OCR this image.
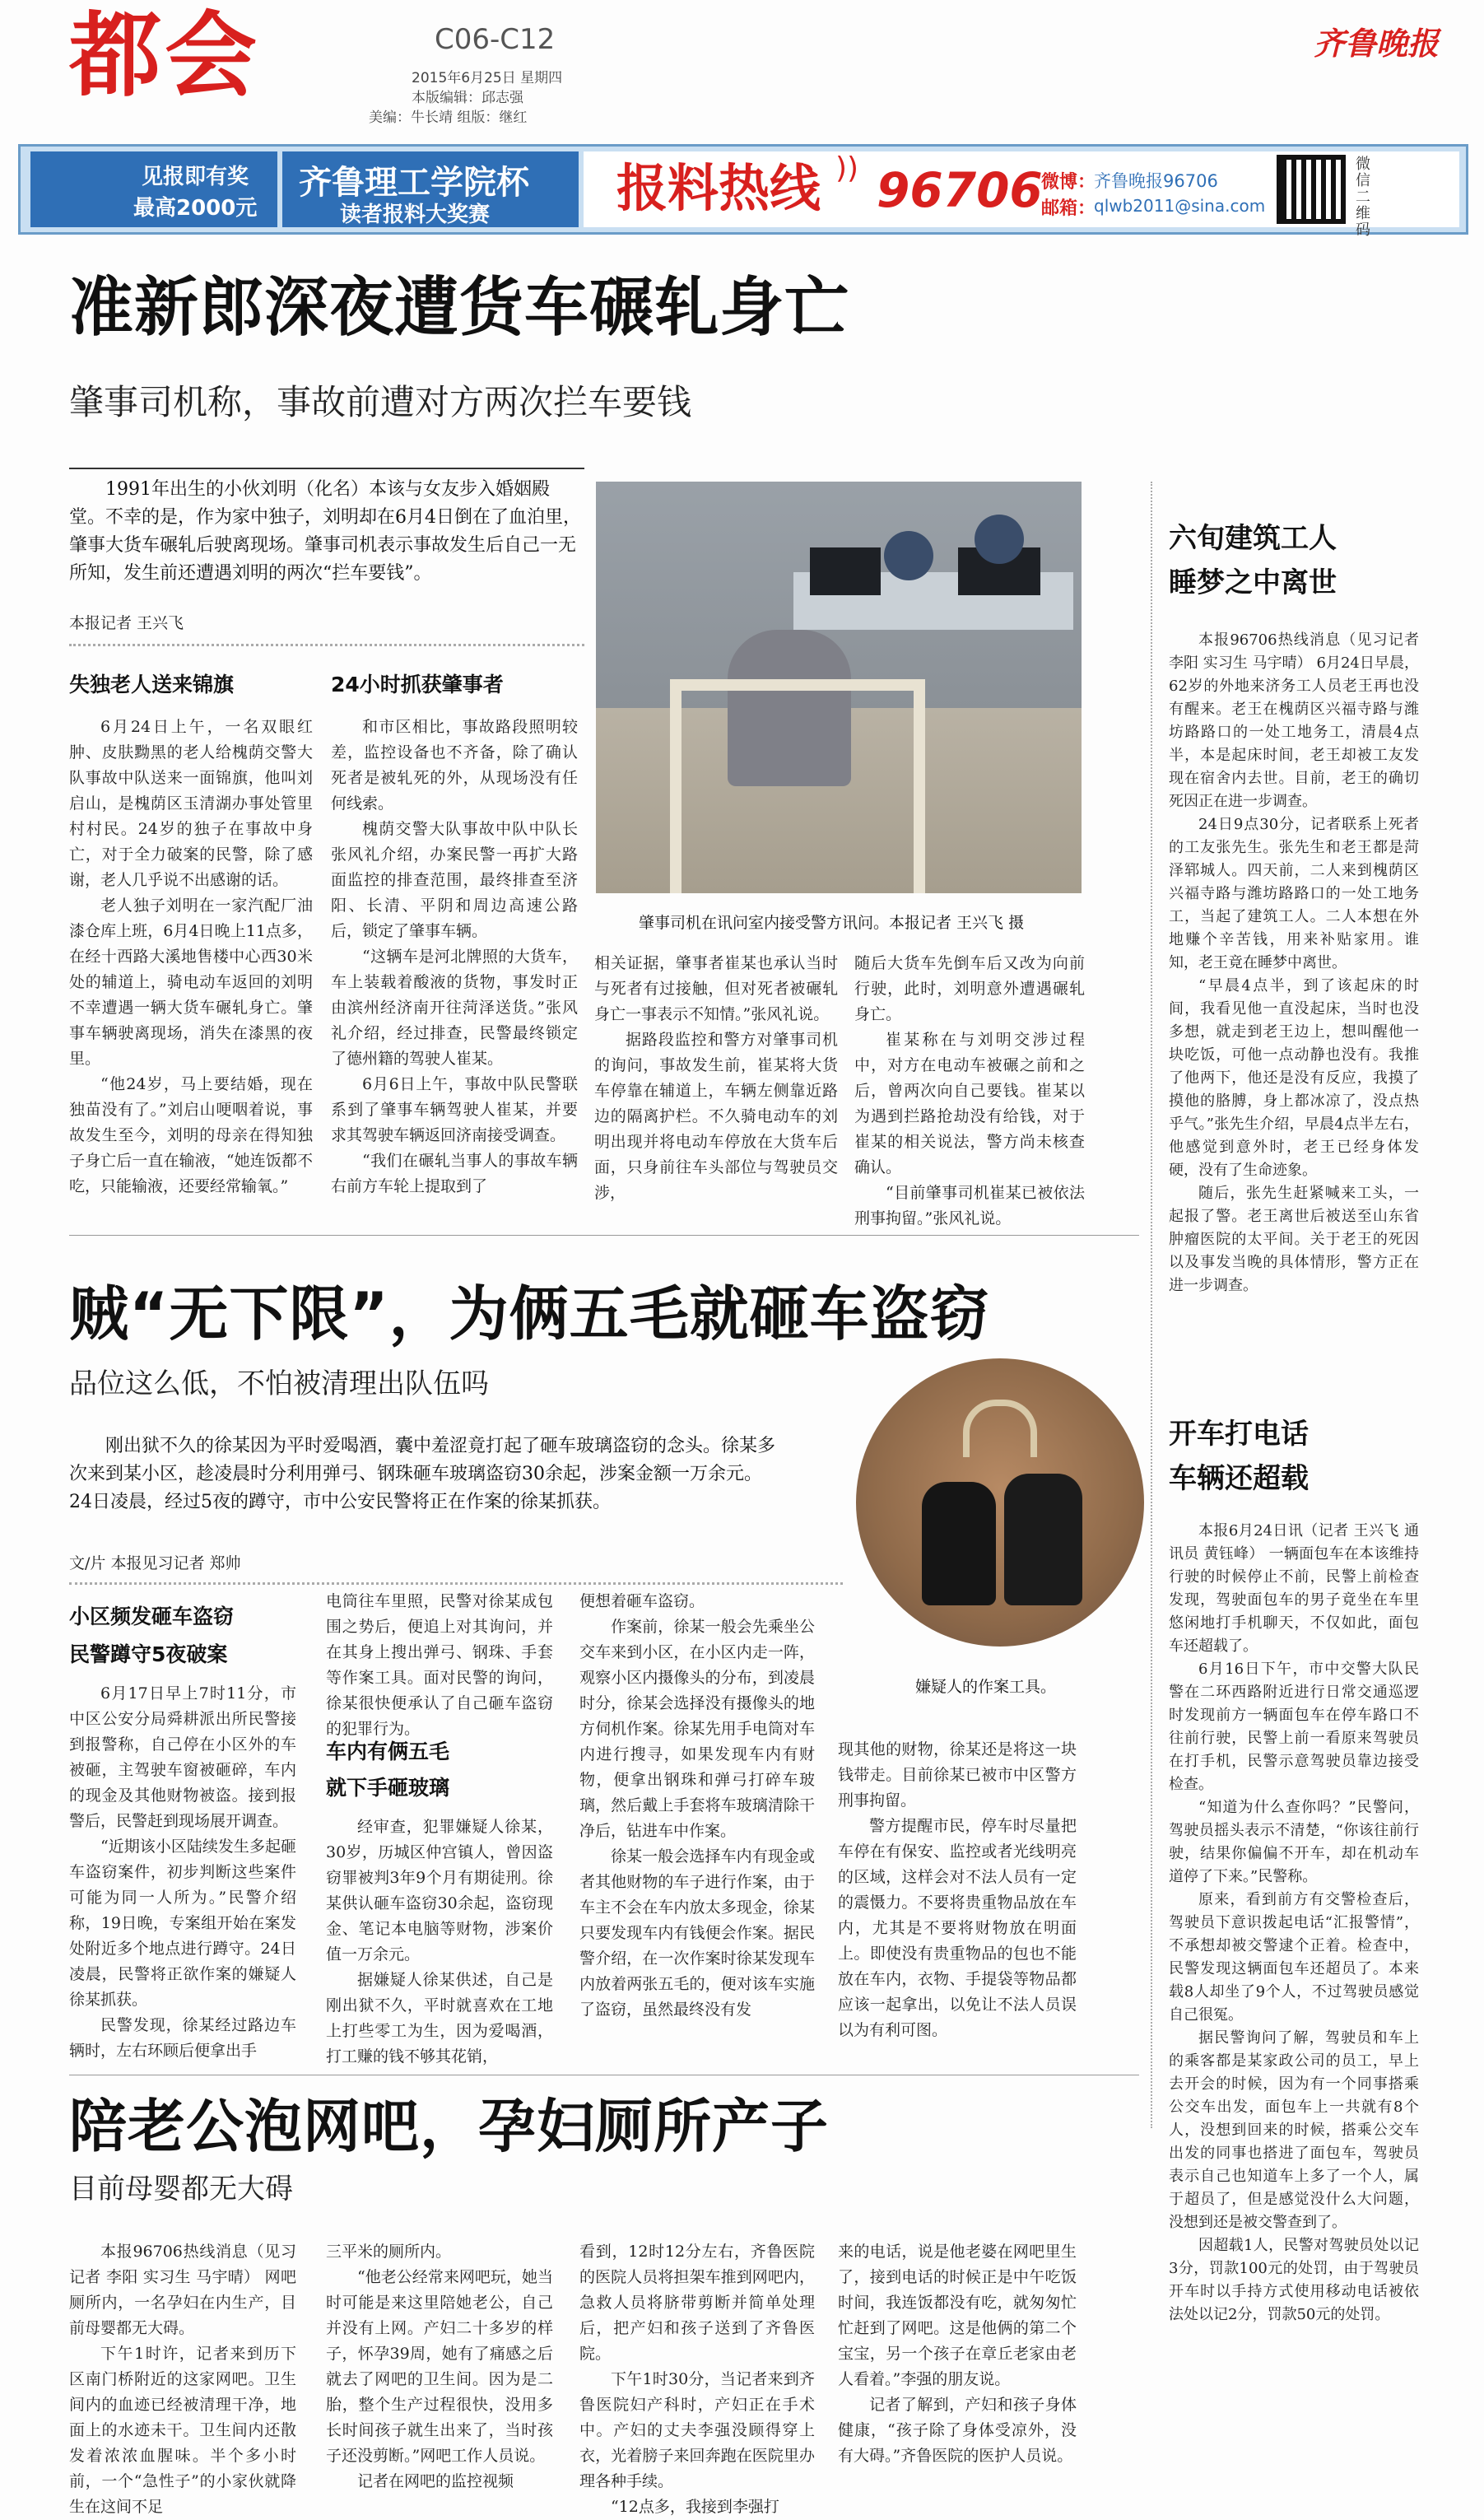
都会	C06-C12
2015年6月25日 星期四
本版编辑：邱志强
美编：牛长靖 组版：继红
齐鲁晚报
见报即有奖
最高2000元
齐鲁理工学院杯
读者报料大奖赛 报料热线 )) 96706
微博：
齐鲁晚报96706
邮箱：
qlwb2011@sina.com
微信二维码
准新郎深夜遭货车碾轧身亡
肇事司机称，事故前遭对方两次拦车要钱
1991年出生的小伙刘明（化名）本该与女友步入婚姻殿堂。不幸的是，作为家中独子，刘明却在6月4日倒在了血泊里，肇事大货车碾轧后驶离现场。肇事司机表示事故发生后自己一无所知，发生前还遭遇刘明的两次“拦车要钱”。
本报记者 王兴飞
失独老人送来锦旗

6月24日上午，一名双眼红肿、皮肤黝黑的老人给槐荫交警大队事故中队送来一面锦旗，他叫刘启山，是槐荫区玉清湖办事处管里村村民。24岁的独子在事故中身亡，对于全力破案的民警，除了感谢，老人几乎说不出感谢的话。

老人独子刘明在一家汽配厂油漆仓库上班，6月4日晚上11点多，在经十西路大溪地售楼中心西30米处的辅道上，骑电动车返回的刘明不幸遭遇一辆大货车碾轧身亡。肇事车辆驶离现场，消失在漆黑的夜里。

“他24岁，马上要结婚，现在独苗没有了。”刘启山哽咽着说，事故发生至今，刘明的母亲在得知独子身亡后一直在输液，“她连饭都不吃，只能输液，还要经常输氧。”

24小时抓获肇事者

和市区相比，事故路段照明较差，监控设备也不齐备，除了确认死者是被轧死的外，从现场没有任何线索。

槐荫交警大队事故中队中队长张风礼介绍，办案民警一再扩大路面监控的排查范围，最终排查至济阳、长清、平阴和周边高速公路后，锁定了肇事车辆。

“这辆车是河北牌照的大货车，车上装载着酸液的货物，事发时正由滨州经济南开往菏泽送货。”张风礼介绍，经过排查，民警最终锁定了德州籍的驾驶人崔某。

6月6日上午，事故中队民警联系到了肇事车辆驾驶人崔某，并要求其驾驶车辆返回济南接受调查。

“我们在碾轧当事人的事故车辆右前方车轮上提取到了

肇事司机在讯问室内接受警方讯问。本报记者 王兴飞 摄

相关证据，肇事者崔某也承认当时与死者有过接触，但对死者被碾轧身亡一事表示不知情。”张风礼说。

据路段监控和警方对肇事司机的询问，事故发生前，崔某将大货车停靠在辅道上，车辆左侧靠近路边的隔离护栏。不久骑电动车的刘明出现并将电动车停放在大货车后面，只身前往车头部位与驾驶员交涉，

随后大货车先倒车后又改为向前行驶，此时，刘明意外遭遇碾轧身亡。

崔某称在与刘明交涉过程中，对方在电动车被碾之前和之后，曾两次向自己要钱。崔某以为遇到拦路抢劫没有给钱，对于崔某的相关说法，警方尚未核查确认。

“目前肇事司机崔某已被依法刑事拘留。”张风礼说。

六旬建筑工人
睡梦之中离世

本报96706热线消息（见习记者 李阳 实习生 马宇晴） 6月24日早晨，62岁的外地来济务工人员老王再也没有醒来。老王在槐荫区兴福寺路与潍坊路路口的一处工地务工，清晨4点半，本是起床时间，老王却被工友发现在宿舍内去世。目前，老王的确切死因正在进一步调查。

24日9点30分，记者联系上死者的工友张先生。张先生和老王都是菏泽郓城人。四天前，二人来到槐荫区兴福寺路与潍坊路路口的一处工地务工，当起了建筑工人。二人本想在外地赚个辛苦钱，用来补贴家用。谁知，老王竟在睡梦中离世。

“早晨4点半，到了该起床的时间，我看见他一直没起床，当时也没多想，就走到老王边上，想叫醒他一块吃饭，可他一点动静也没有。我推了他两下，他还是没有反应，我摸了摸他的胳膊，身上都冰凉了，没点热乎气。”张先生介绍，早晨4点半左右，他感觉到意外时，老王已经身体发硬，没有了生命迹象。

随后，张先生赶紧喊来工头，一起报了警。老王离世后被送至山东省肿瘤医院的太平间。关于老王的死因以及事发当晚的具体情形，警方正在进一步调查。

贼“无下限”，为俩五毛就砸车盗窃
品位这么低，不怕被清理出队伍吗
刚出狱不久的徐某因为平时爱喝酒，囊中羞涩竟打起了砸车玻璃盗窃的念头。徐某多次来到某小区，趁凌晨时分利用弹弓、钢珠砸车玻璃盗窃30余起，涉案金额一万余元。24日凌晨，经过5夜的蹲守，市中公安民警将正在作案的徐某抓获。
文/片 本报见习记者 郑帅
嫌疑人的作案工具。
小区频发砸车盗窃
民警蹲守5夜破案

6月17日早上7时11分，市中区公安分局舜耕派出所民警接到报警称，自己停在小区外的车被砸，主驾驶车窗被砸碎，车内的现金及其他财物被盗。接到报警后，民警赶到现场展开调查。

“近期该小区陆续发生多起砸车盗窃案件，初步判断这些案件可能为同一人所为。”民警介绍称，19日晚，专案组开始在案发处附近多个地点进行蹲守。24日凌晨，民警将正欲作案的嫌疑人徐某抓获。

民警发现，徐某经过路边车辆时，左右环顾后便拿出手

电筒往车里照，民警对徐某成包围之势后，便追上对其询问，并在其身上搜出弹弓、钢珠、手套等作案工具。面对民警的询问，徐某很快便承认了自己砸车盗窃的犯罪行为。

车内有俩五毛
就下手砸玻璃

经审查，犯罪嫌疑人徐某，30岁，历城区仲宫镇人，曾因盗窃罪被判3年9个月有期徒刑。徐某供认砸车盗窃30余起，盗窃现金、笔记本电脑等财物，涉案价值一万余元。

据嫌疑人徐某供述，自己是刚出狱不久，平时就喜欢在工地上打些零工为生，因为爱喝酒，打工赚的钱不够其花销，

便想着砸车盗窃。

作案前，徐某一般会先乘坐公交车来到小区，在小区内走一阵，观察小区内摄像头的分布，到凌晨时分，徐某会选择没有摄像头的地方伺机作案。徐某先用手电筒对车内进行搜寻，如果发现车内有财物，便拿出钢珠和弹弓打碎车玻璃，然后戴上手套将车玻璃清除干净后，钻进车中作案。

徐某一般会选择车内有现金或者其他财物的车子进行作案，由于车主不会在车内放太多现金，徐某只要发现车内有钱便会作案。据民警介绍，在一次作案时徐某发现车内放着两张五毛的，便对该车实施了盗窃，虽然最终没有发

现其他的财物，徐某还是将这一块钱带走。目前徐某已被市中区警方刑事拘留。

警方提醒市民，停车时尽量把车停在有保安、监控或者光线明亮的区域，这样会对不法人员有一定的震慑力。不要将贵重物品放在车内，尤其是不要将财物放在明面上。即使没有贵重物品的包也不能放在车内，衣物、手提袋等物品都应该一起拿出，以免让不法人员误以为有利可图。

开车打电话
车辆还超载

本报6月24日讯（记者 王兴飞 通讯员 黄钰峰） 一辆面包车在本该维持行驶的时候停止不前，民警上前检查发现，驾驶面包车的男子竟坐在车里悠闲地打手机聊天，不仅如此，面包车还超载了。

6月16日下午，市中交警大队民警在二环西路附近进行日常交通巡逻时发现前方一辆面包车在停车路口不往前行驶，民警上前一看原来驾驶员在打手机，民警示意驾驶员靠边接受检查。

“知道为什么查你吗？”民警问，驾驶员摇头表示不清楚，“你该往前行驶，结果你偏偏不开车，却在机动车道停了下来。”民警称。

原来，看到前方有交警检查后，驾驶员下意识拨起电话“汇报警情”，不承想却被交警逮个正着。检查中，民警发现这辆面包车还超员了。本来载8人却坐了9个人，不过驾驶员感觉自己很冤。

据民警询问了解，驾驶员和车上的乘客都是某家政公司的员工，早上去开会的时候，因为有一个同事搭乘公交车出发，面包车上一共就有8个人，没想到回来的时候，搭乘公交车出发的同事也搭进了面包车，驾驶员表示自己也知道车上多了一个人，属于超员了，但是感觉没什么大问题，没想到还是被交警查到了。

因超载1人，民警对驾驶员处以记3分，罚款100元的处罚，由于驾驶员开车时以手持方式使用移动电话被依法处以记2分，罚款50元的处罚。

陪老公泡网吧，孕妇厕所产子
目前母婴都无大碍

本报96706热线消息（见习记者 李阳 实习生 马宇晴） 网吧厕所内，一名孕妇在内生产，目前母婴都无大碍。

下午1时许，记者来到历下区南门桥附近的这家网吧。卫生间内的血迹已经被清理干净，地面上的水迹未干。卫生间内还散发着浓浓血腥味。半个多小时前，一个“急性子”的小家伙就降生在这间不足

三平米的厕所内。

“他老公经常来网吧玩，她当时可能是来这里陪她老公，自己并没有上网。产妇二十多岁的样子，怀孕39周，她有了痛感之后就去了网吧的卫生间。因为是二胎，整个生产过程很快，没用多长时间孩子就生出来了，当时孩子还没剪断。”网吧工作人员说。

记者在网吧的监控视频

看到，12时12分左右，齐鲁医院的医院人员将担架车推到网吧内，急救人员将脐带剪断并简单处理后，把产妇和孩子送到了齐鲁医院。

下午1时30分，当记者来到齐鲁医院妇产科时，产妇正在手术中。产妇的丈夫李强没顾得穿上衣，光着膀子来回奔跑在医院里办理各种手续。

“12点多，我接到李强打

来的电话，说是他老婆在网吧里生了，接到电话的时候正是中午吃饭时间，我连饭都没有吃，就匆匆忙忙赶到了网吧。这是他俩的第二个宝宝，另一个孩子在章丘老家由老人看着。”李强的朋友说。

记者了解到，产妇和孩子身体健康，“孩子除了身体受凉外，没有大碍。”齐鲁医院的医护人员说。
